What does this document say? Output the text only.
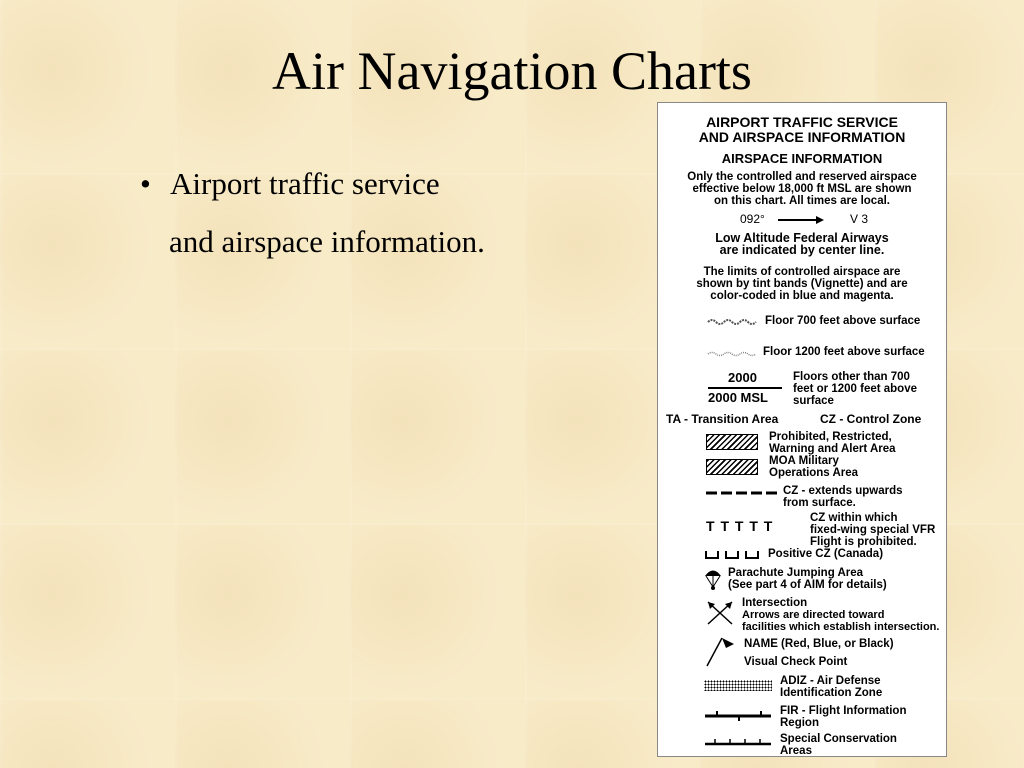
Air Navigation Charts
• Airport traffic service
and airspace information.
AIRPORT TRAFFIC SERVICE
AND AIRSPACE INFORMATION
AIRSPACE INFORMATION
Only the controlled and reserved airspace
effective below 18,000 ft MSL are shown
on this chart. All times are local.
092°	V 3
Low Altitude Federal Airways
are indicated by center line.
The limits of controlled airspace are
shown by tint bands (Vignette) and are
color-coded in blue and magenta.
Floor 700 feet above surface
Floor 1200 feet above surface
2000
2000 MSL
Floors other than 700
feet or 1200 feet above
surface
TA - Transition Area	CZ - Control Zone
Prohibited, Restricted,
Warning and Alert Area
MOA Military
Operations Area
CZ - extends upwards
from surface.
T T T T T	CZ within which
fixed-wing special VFR
Flight is prohibited.
Positive CZ (Canada)
Parachute Jumping Area
(See part 4 of AIM for details)
Intersection
Arrows are directed toward
facilities which establish intersection.
NAME (Red, Blue, or Black)
Visual Check Point
ADIZ - Air Defense
Identification Zone
FIR - Flight Information
Region
Special Conservation
Areas
